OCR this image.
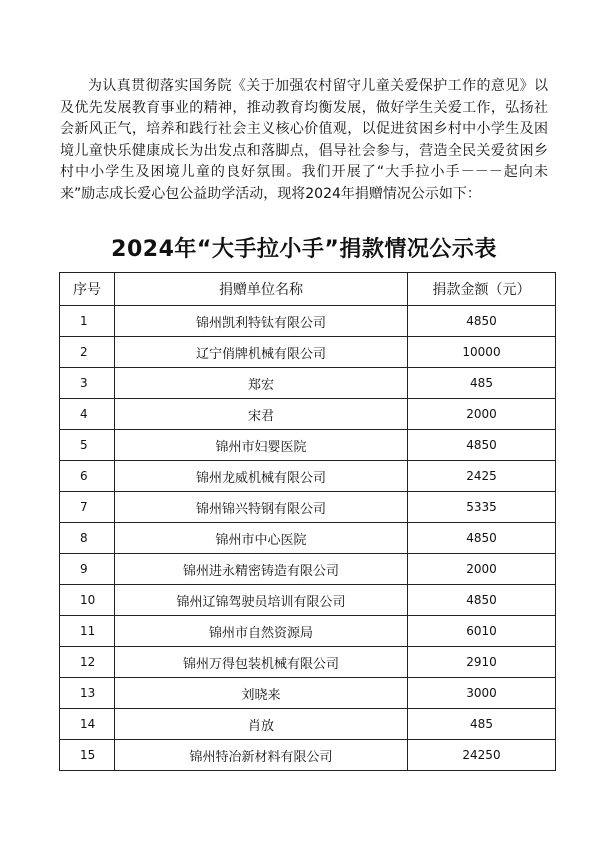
为认真贯彻落实国务院《关于加强农村留守儿童关爱保护工作的意见》以及优先发展教育事业的精神，推动教育均衡发展，做好学生关爱工作，弘扬社会新风正气，培养和践行社会主义核心价值观，以促进贫困乡村中小学生及困境儿童快乐健康成长为出发点和落脚点，倡导社会参与，营造全民关爱贫困乡村中小学生及困境儿童的良好氛围。我们开展了“大手拉小手－－－起向未来”励志成长爱心包公益助学活动，现将2024年捐赠情况公示如下：

2024年“大手拉小手”捐款情况公示表
序号	捐赠单位名称	捐款金额（元）
1	锦州凯利特钛有限公司	4850
2	辽宁俏牌机械有限公司	10000
3	郑宏	485
4	宋君	2000
5	锦州市妇婴医院	4850
6	锦州龙威机械有限公司	2425
7	锦州锦兴特钢有限公司	5335
8	锦州市中心医院	4850
9	锦州进永精密铸造有限公司	2000
10	锦州辽锦驾驶员培训有限公司	4850
11	锦州市自然资源局	6010
12	锦州万得包装机械有限公司	2910
13	刘晓来	3000
14	肖放	485
15	锦州特冶新材料有限公司	24250
